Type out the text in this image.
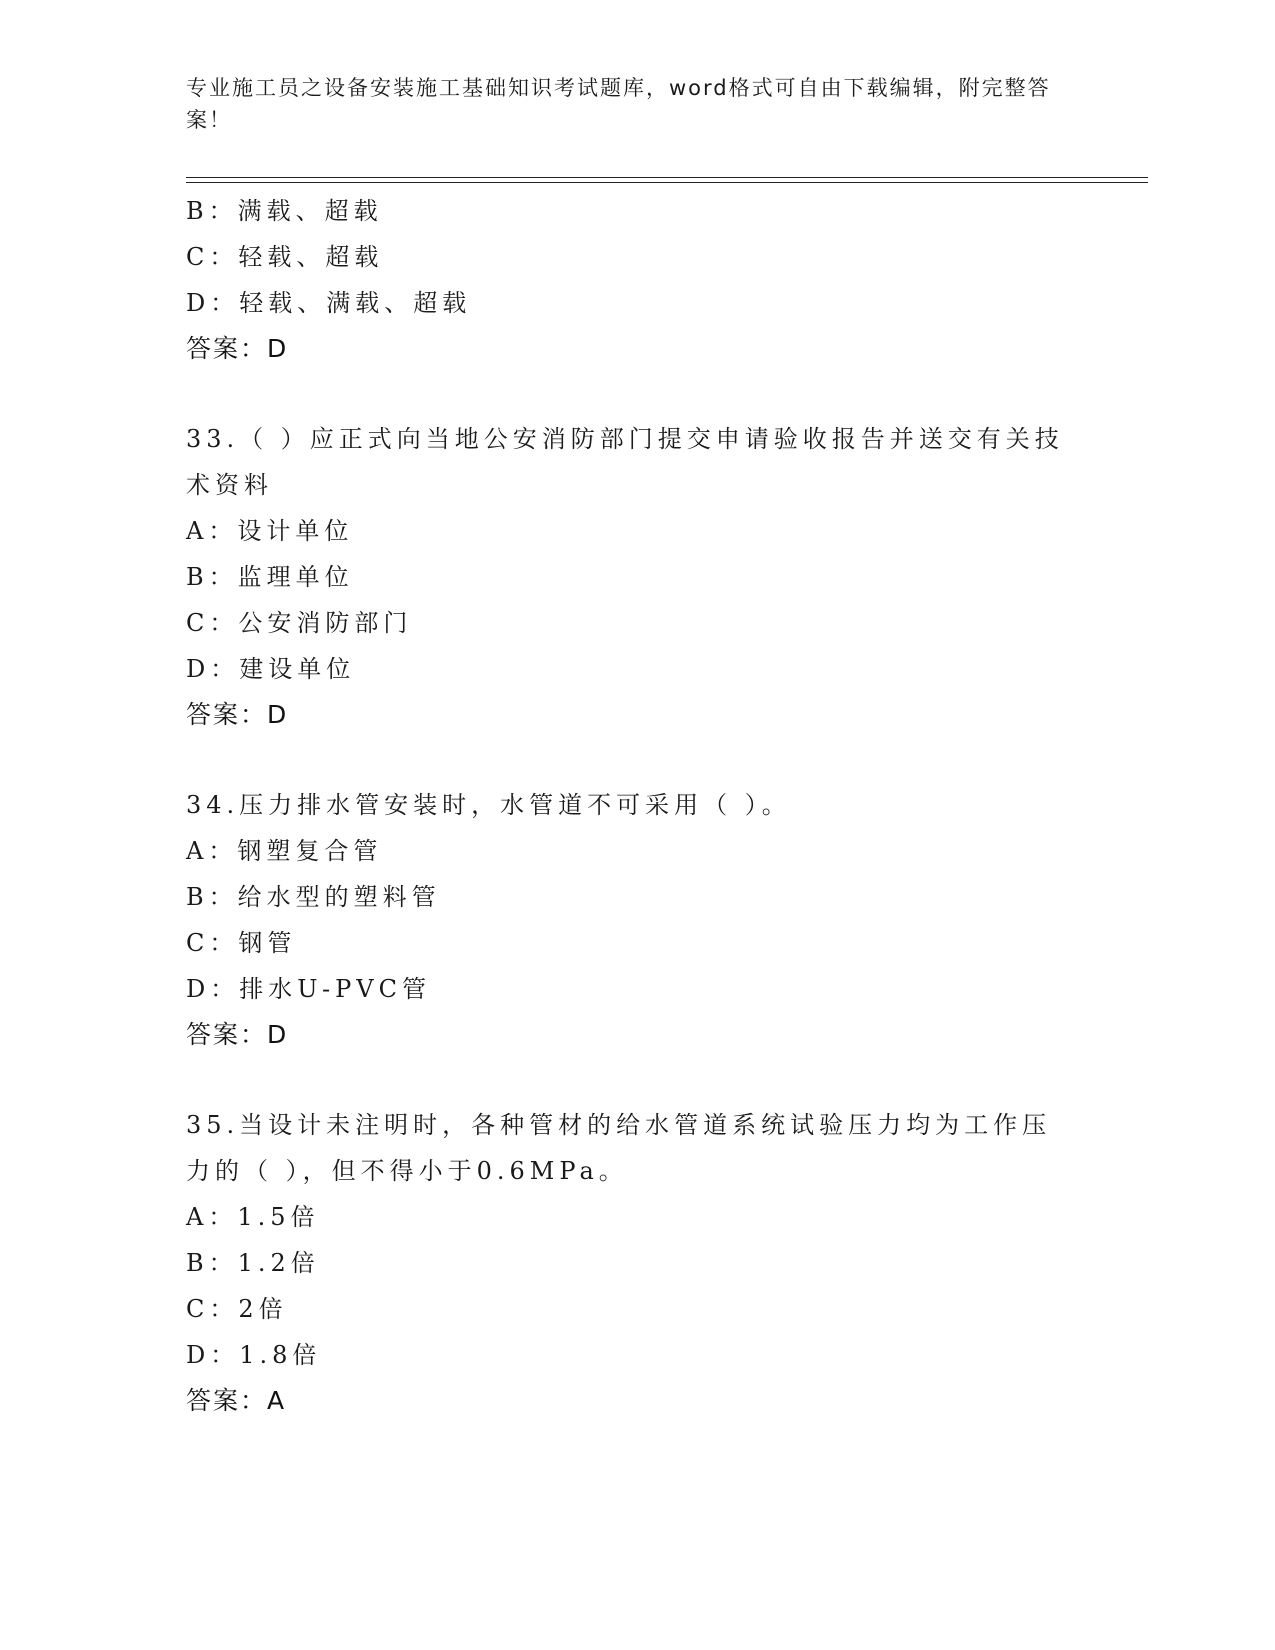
专业施工员之设备安装施工基础知识考试题库，word格式可自由下载编辑，附完整答案！
B：满载、超载
C：轻载、超载
D：轻载、满载、超载
答案：D
33.（ ）应正式向当地公安消防部门提交申请验收报告并送交有关技术资料
A：设计单位
B：监理单位
C：公安消防部门
D：建设单位
答案：D
34.压力排水管安装时，水管道不可采用（ ）。
A：钢塑复合管
B：给水型的塑料管
C：钢管
D：排水U-PVC管
答案：D
35.当设计未注明时，各种管材的给水管道系统试验压力均为工作压力的（ ），但不得小于0.6MPa。
A：1.5倍
B：1.2倍
C：2倍
D：1.8倍
答案：A
